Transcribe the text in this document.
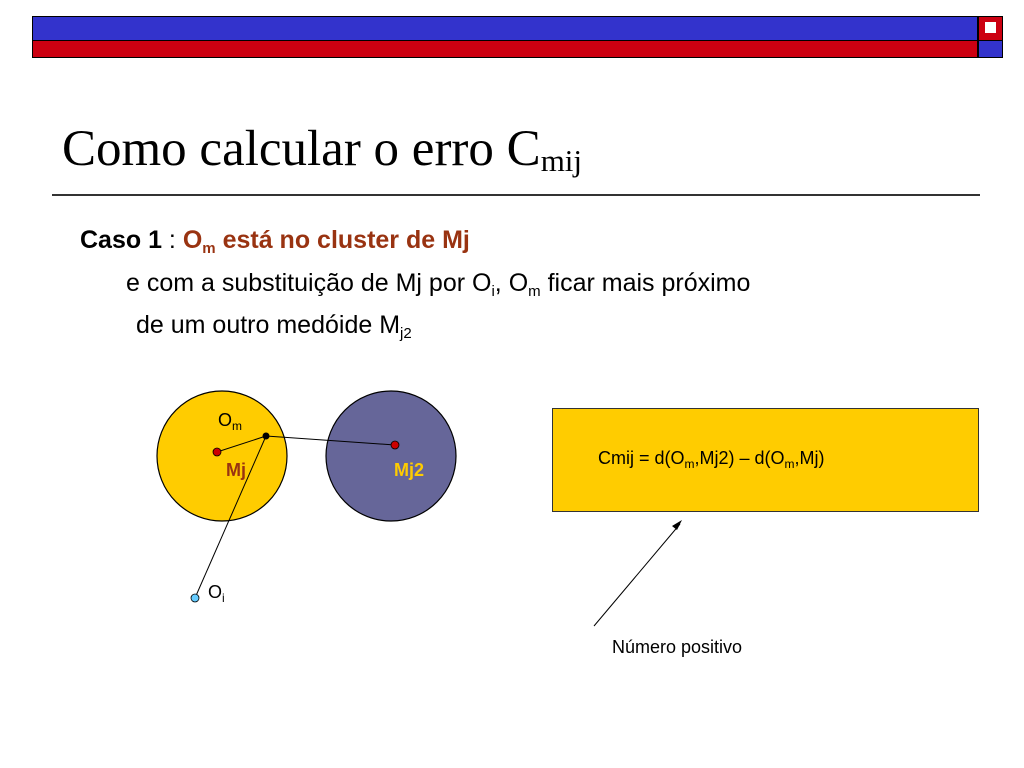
Como calcular o erro $C_{mij}$
Caso 1 : $O_m$ está no cluster de Mj
e com a substituição de Mj por $O_i$, $O_m$ ficar mais próximo
de um outro medóide $M_{j2}$
$O_m$
Mj	Mj2
$O_i$
Cmij = $d(O_m,Mj2) - d(O_m,Mj)$
Número positivo
